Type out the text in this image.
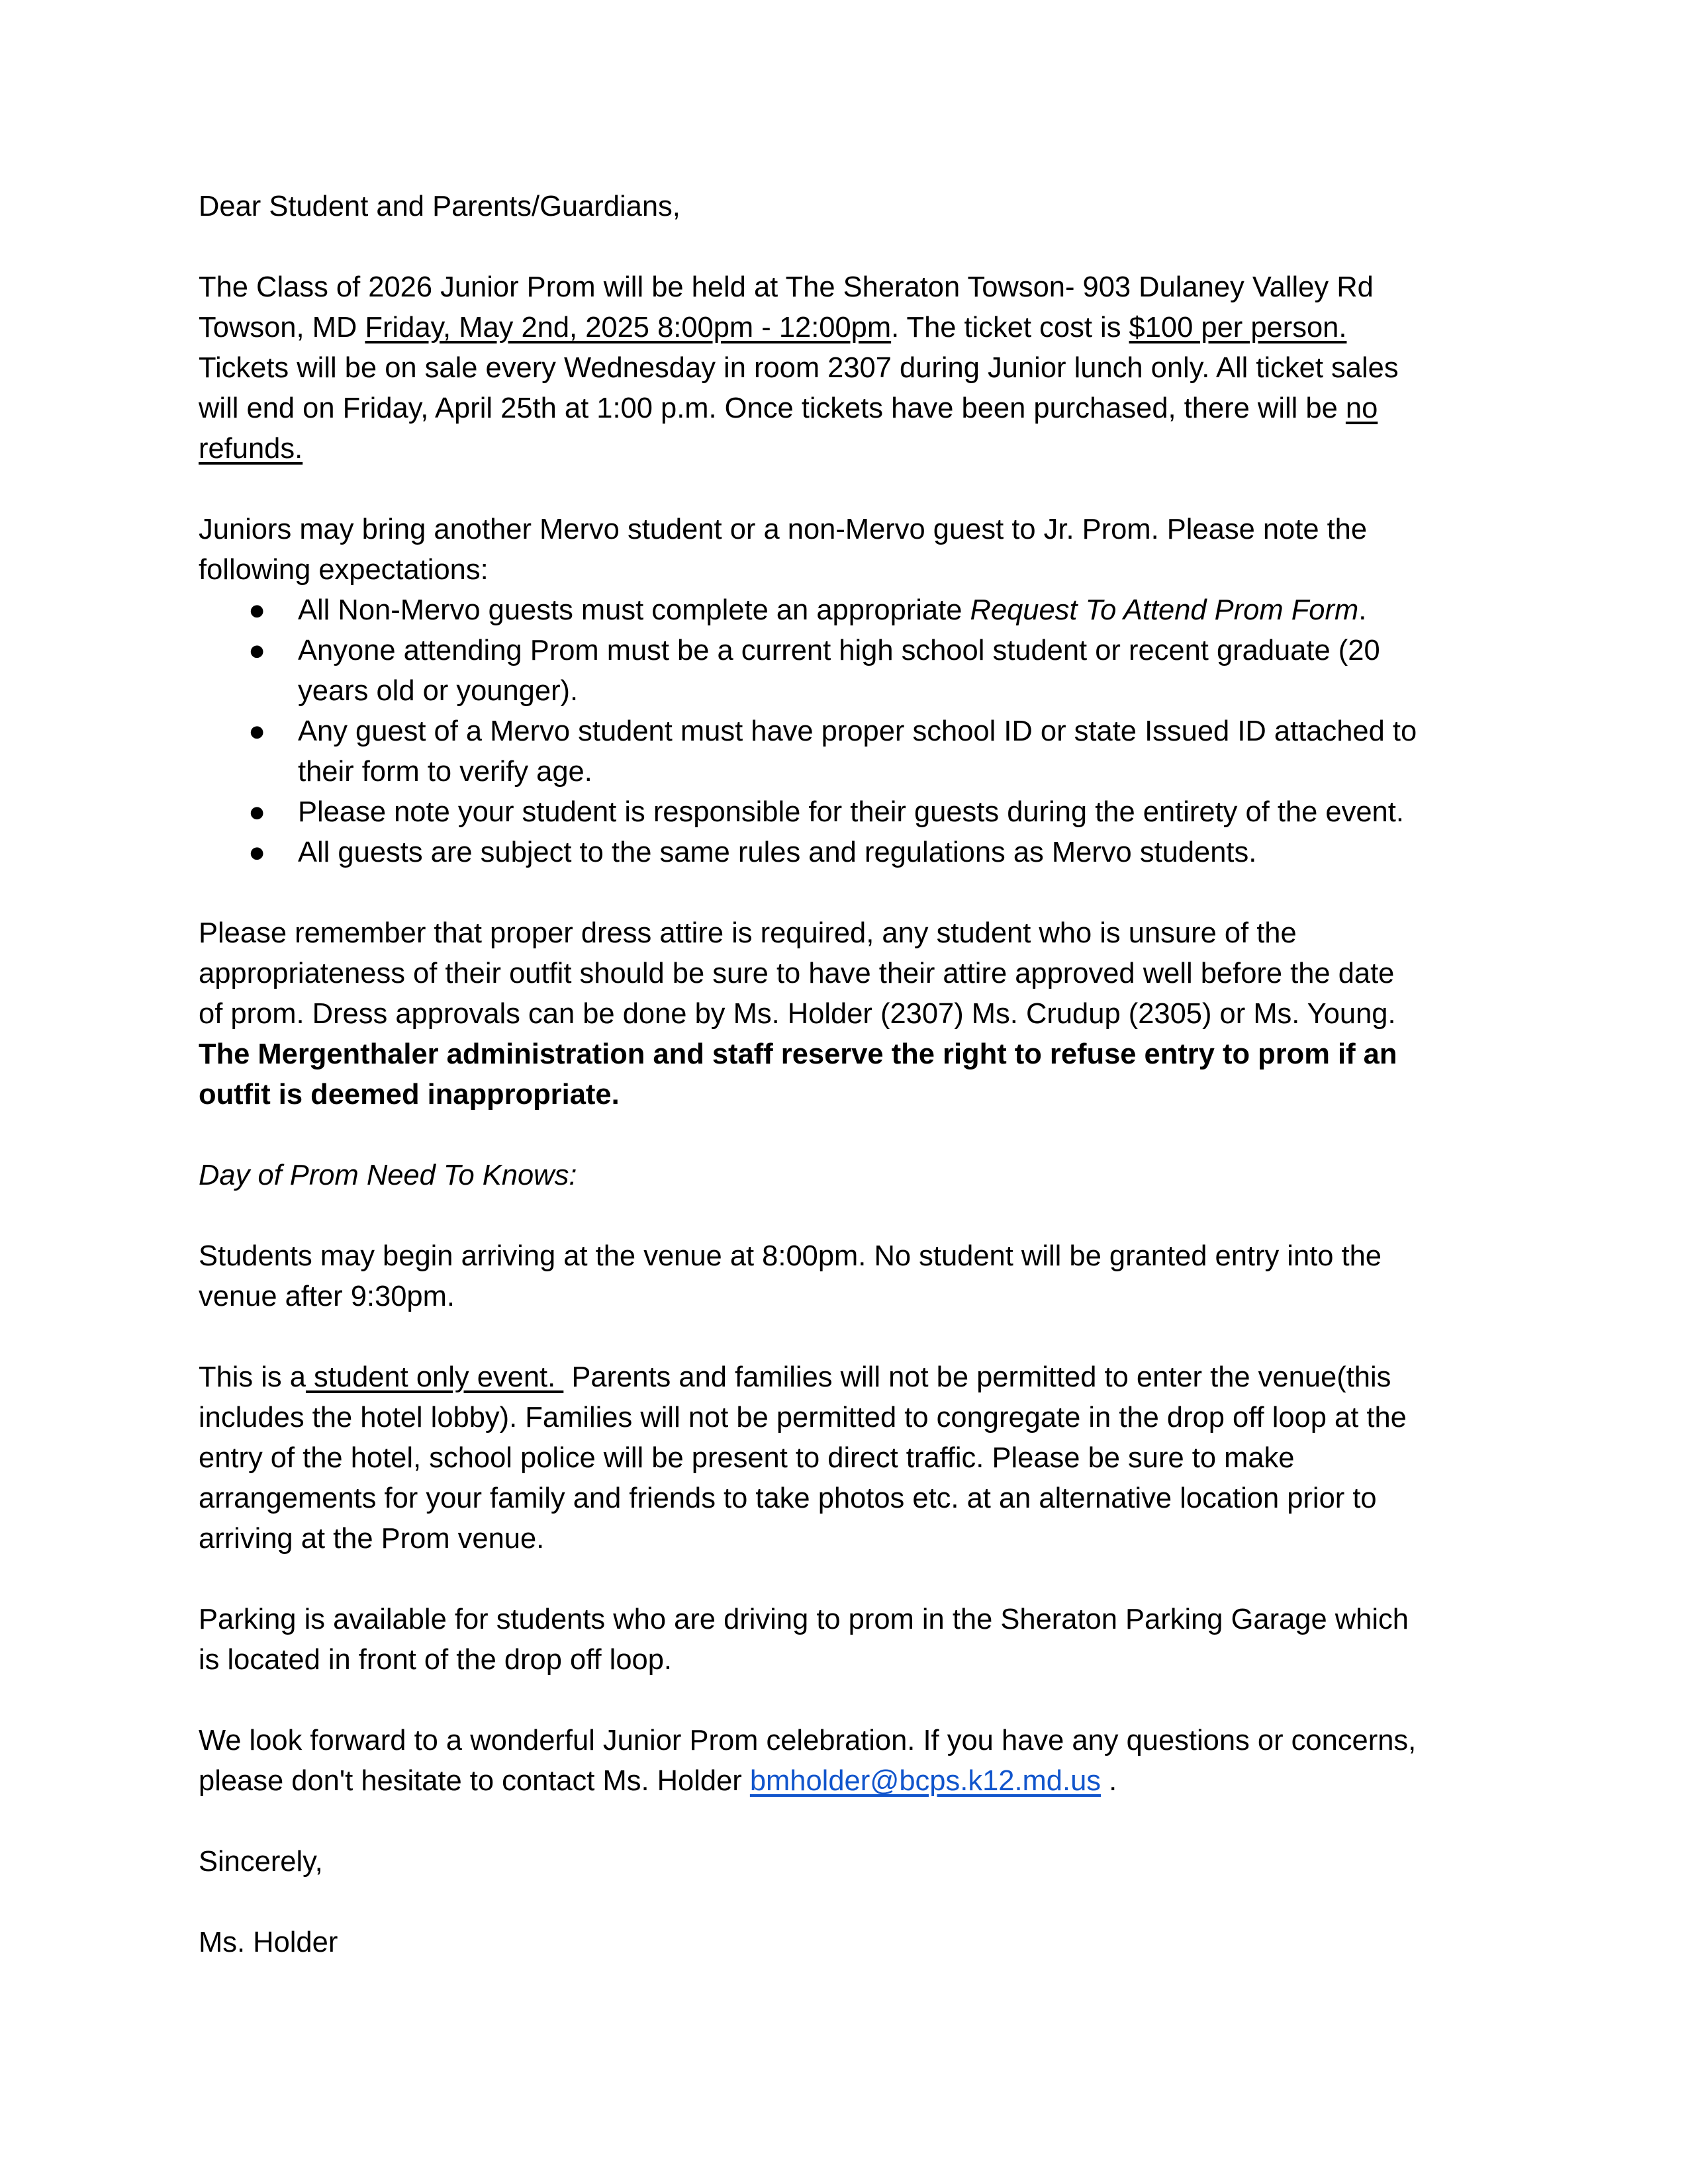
Dear Student and Parents/Guardians,

The Class of 2026 Junior Prom will be held at The Sheraton Towson- 903 Dulaney Valley Rd

Towson, MD Friday, May 2nd, 2025 8:00pm - 12:00pm. The ticket cost is $100 per person.

Tickets will be on sale every Wednesday in room 2307 during Junior lunch only. All ticket sales

will end on Friday, April 25th at 1:00 p.m. Once tickets have been purchased, there will be no

refunds.

Juniors may bring another Mervo student or a non-Mervo guest to Jr. Prom. Please note the

following expectations:

● All Non-Mervo guests must complete an appropriate Request To Attend Prom Form.
● Anyone attending Prom must be a current high school student or recent graduate (20
years old or younger).
● Any guest of a Mervo student must have proper school ID or state Issued ID attached to
their form to verify age.
● Please note your student is responsible for their guests during the entirety of the event.
● All guests are subject to the same rules and regulations as Mervo students.

Please remember that proper dress attire is required, any student who is unsure of the

appropriateness of their outfit should be sure to have their attire approved well before the date

of prom. Dress approvals can be done by Ms. Holder (2307) Ms. Crudup (2305) or Ms. Young.

The Mergenthaler administration and staff reserve the right to refuse entry to prom if an

outfit is deemed inappropriate.

Day of Prom Need To Knows:

Students may begin arriving at the venue at 8:00pm. No student will be granted entry into the

venue after 9:30pm.

This is a student only event.  Parents and families will not be permitted to enter the venue(this

includes the hotel lobby). Families will not be permitted to congregate in the drop off loop at the

entry of the hotel, school police will be present to direct traffic. Please be sure to make

arrangements for your family and friends to take photos etc. at an alternative location prior to

arriving at the Prom venue.

Parking is available for students who are driving to prom in the Sheraton Parking Garage which

is located in front of the drop off loop.

We look forward to a wonderful Junior Prom celebration. If you have any questions or concerns,

please don't hesitate to contact Ms. Holder bmholder@bcps.k12.md.us .

Sincerely,

Ms. Holder
